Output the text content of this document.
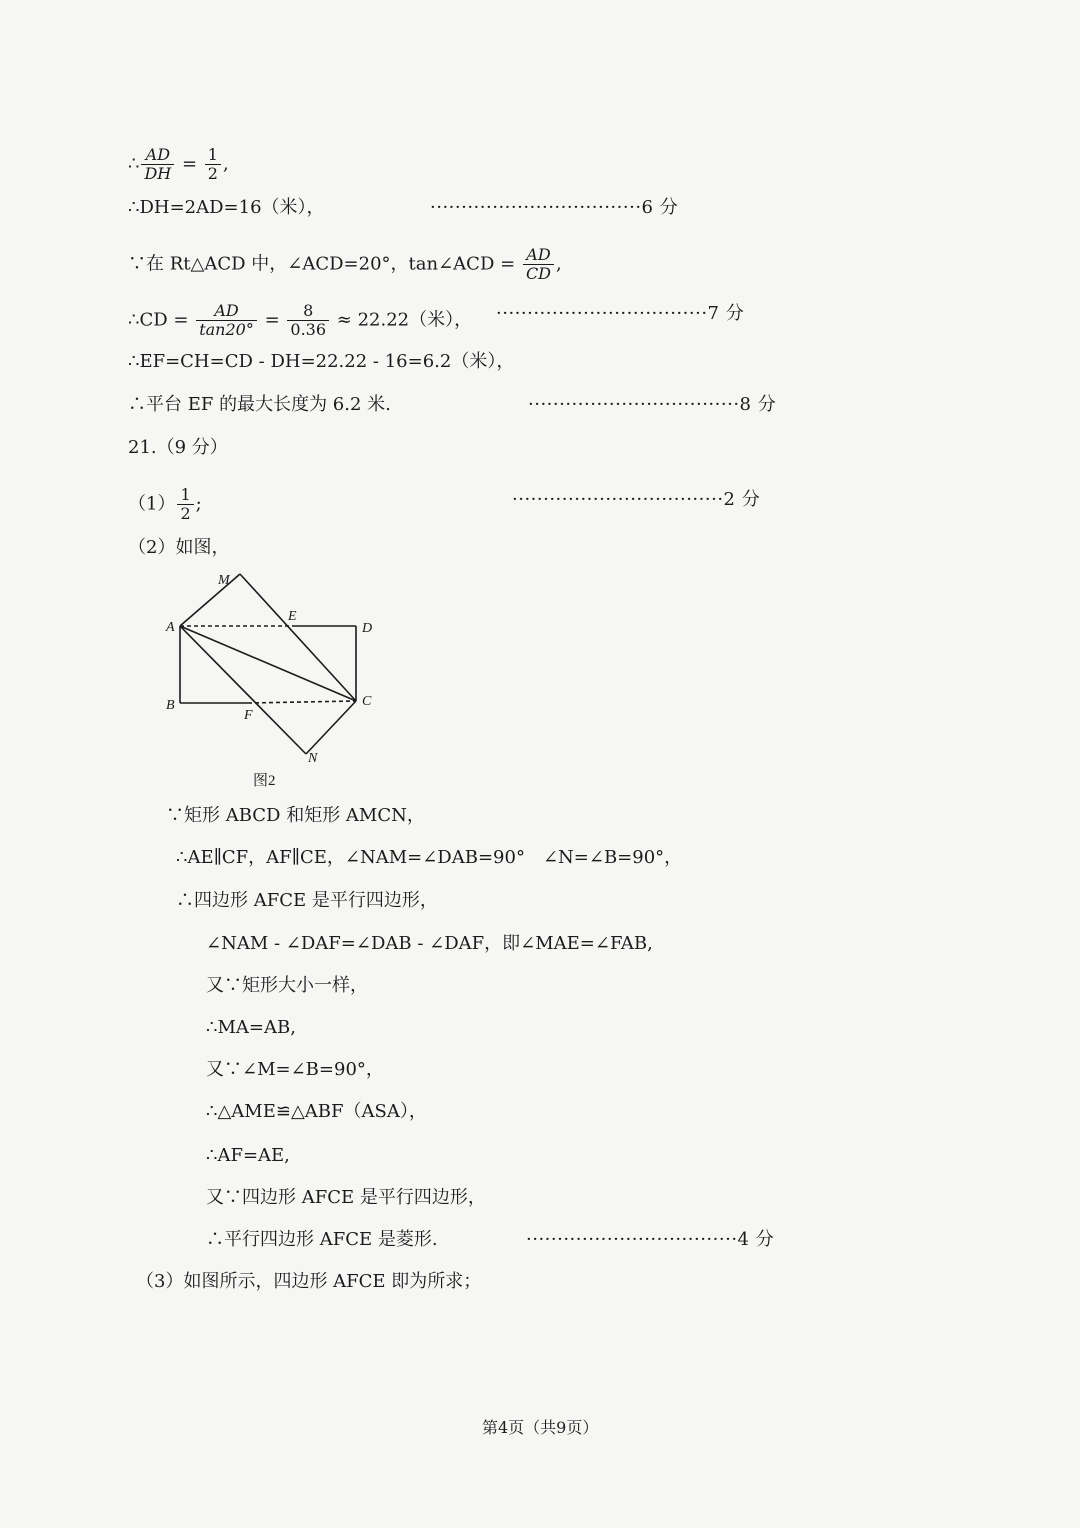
∴ $\frac{AD}{DH} = \frac{1}{2}$ ,
∴DH=2AD=16（米），	··································6 分
∵在 Rt△ACD 中，∠ACD=20°，tan∠ACD = $\frac{AD}{CD}$ ,
∴CD = $\frac{AD}{\tan 20^\circ} = \frac{8}{0.36} \approx 22.22$（米）， ··································7 分
∴EF=CH=CD - DH=22.22 - 16=6.2（米），
∴平台 EF 的最大长度为 6.2 米.	··································8 分
21.（9 分）
$(1) \frac{1}{2}$ ;	··································2 分
（2）如图，
M
E
A	D
B
F
C
N
图2
∵矩形 ABCD 和矩形 AMCN，
∴AE∥CF，AF∥CE，∠NAM=∠DAB=90°　∠N=∠B=90°，
∴四边形 AFCE 是平行四边形，
∠NAM - ∠DAF=∠DAB - ∠DAF，即∠MAE=∠FAB,
又∵矩形大小一样，
∴MA=AB,
又∵∠M=∠B=90°，
∴△AME≌△ABF（ASA），
∴AF=AE,
又∵四边形 AFCE 是平行四边形，
∴平行四边形 AFCE 是菱形.	··································4 分
（3）如图所示，四边形 AFCE 即为所求；
第4页（共9页）
